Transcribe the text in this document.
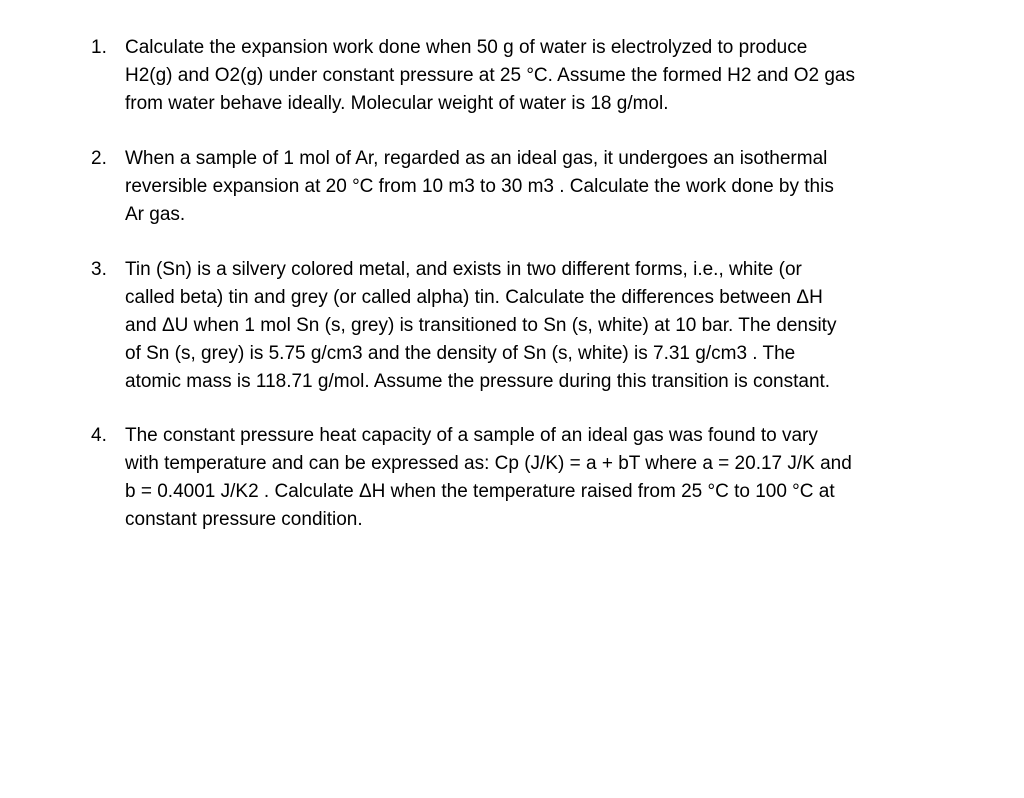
1. Calculate the expansion work done when 50 g of water is electrolyzed to produce
H2(g) and O2(g) under constant pressure at 25 °C. Assume the formed H2 and O2 gas
from water behave ideally. Molecular weight of water is 18 g/mol.
2. When a sample of 1 mol of Ar, regarded as an ideal gas, it undergoes an isothermal
reversible expansion at 20 °C from 10 m3 to 30 m3 . Calculate the work done by this
Ar gas.
3. Tin (Sn) is a silvery colored metal, and exists in two different forms, i.e., white (or
called beta) tin and grey (or called alpha) tin. Calculate the differences between ΔH
and ΔU when 1 mol Sn (s, grey) is transitioned to Sn (s, white) at 10 bar. The density
of Sn (s, grey) is 5.75 g/cm3 and the density of Sn (s, white) is 7.31 g/cm3 . The
atomic mass is 118.71 g/mol. Assume the pressure during this transition is constant.
4. The constant pressure heat capacity of a sample of an ideal gas was found to vary
with temperature and can be expressed as: Cp (J/K) = a + bT where a = 20.17 J/K and
b = 0.4001 J/K2 . Calculate ΔH when the temperature raised from 25 °C to 100 °C at
constant pressure condition.
